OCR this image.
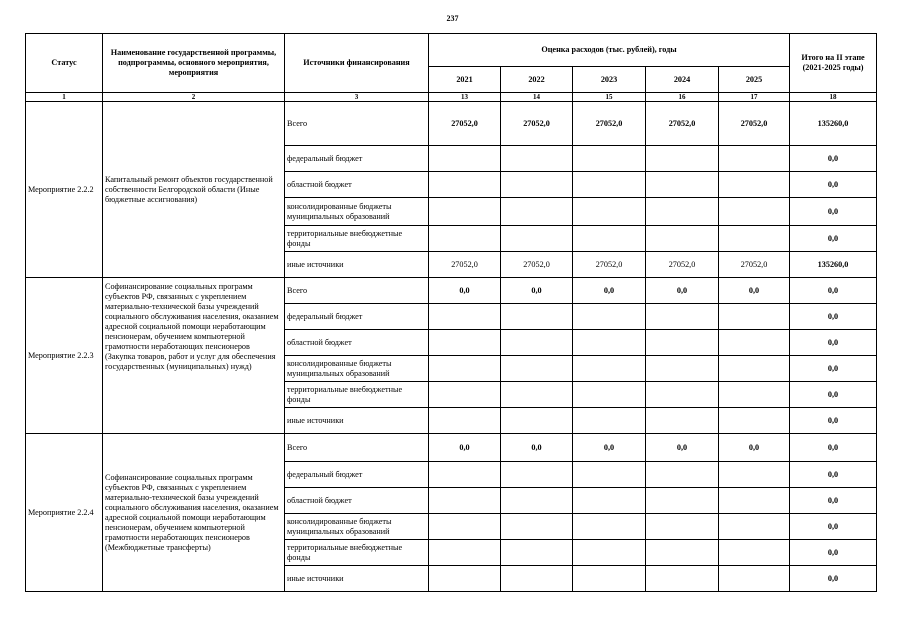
237
Статус	Наименование государственной программы, подпрограммы, основного мероприятия, мероприятия	Источники финансирования	Оценка расходов (тыс. рублей), годы					Итого на II этапе (2021-2025 годы)
			2021	2022	2023	2024	2025	
1	2	3	13	14	15	16	17	18
Мероприятие 2.2.2	Капитальный ремонт объектов государственной собственности Белгородской области (Иные бюджетные ассигнования)	Всего	27052,0	27052,0	27052,0	27052,0	27052,0	135260,0
		федеральный бюджет						0,0
		областной бюджет						0,0
		консолидированные бюджеты муниципальных образований						0,0
		территориальные внебюджетные фонды						0,0
		иные источники	27052,0	27052,0	27052,0	27052,0	27052,0	135260,0
Мероприятие 2.2.3	Софинансирование социальных программ субъектов РФ, связанных с укреплением материально-технической базы учреждений социального обслуживания населения, оказанием адресной социальной помощи неработающим пенсионерам, обучением компьютерной грамотности неработающих пенсионеров (Закупка товаров, работ и услуг для обеспечения государственных (муниципальных) нужд)	Всего	0,0	0,0	0,0	0,0	0,0	0,0
		федеральный бюджет						0,0
		областной бюджет						0,0
		консолидированные бюджеты муниципальных образований						0,0
		территориальные внебюджетные фонды						0,0
		иные источники						0,0
Мероприятие 2.2.4	Софинансирование социальных программ субъектов РФ, связанных с укреплением материально-технической базы учреждений социального обслуживания населения, оказанием адресной социальной помощи неработающим пенсионерам, обучением компьютерной грамотности неработающих пенсионеров (Межбюджетные трансферты)	Всего	0,0	0,0	0,0	0,0	0,0	0,0
		федеральный бюджет						0,0
		областной бюджет						0,0
		консолидированные бюджеты муниципальных образований						0,0
		территориальные внебюджетные фонды						0,0
		иные источники						0,0
